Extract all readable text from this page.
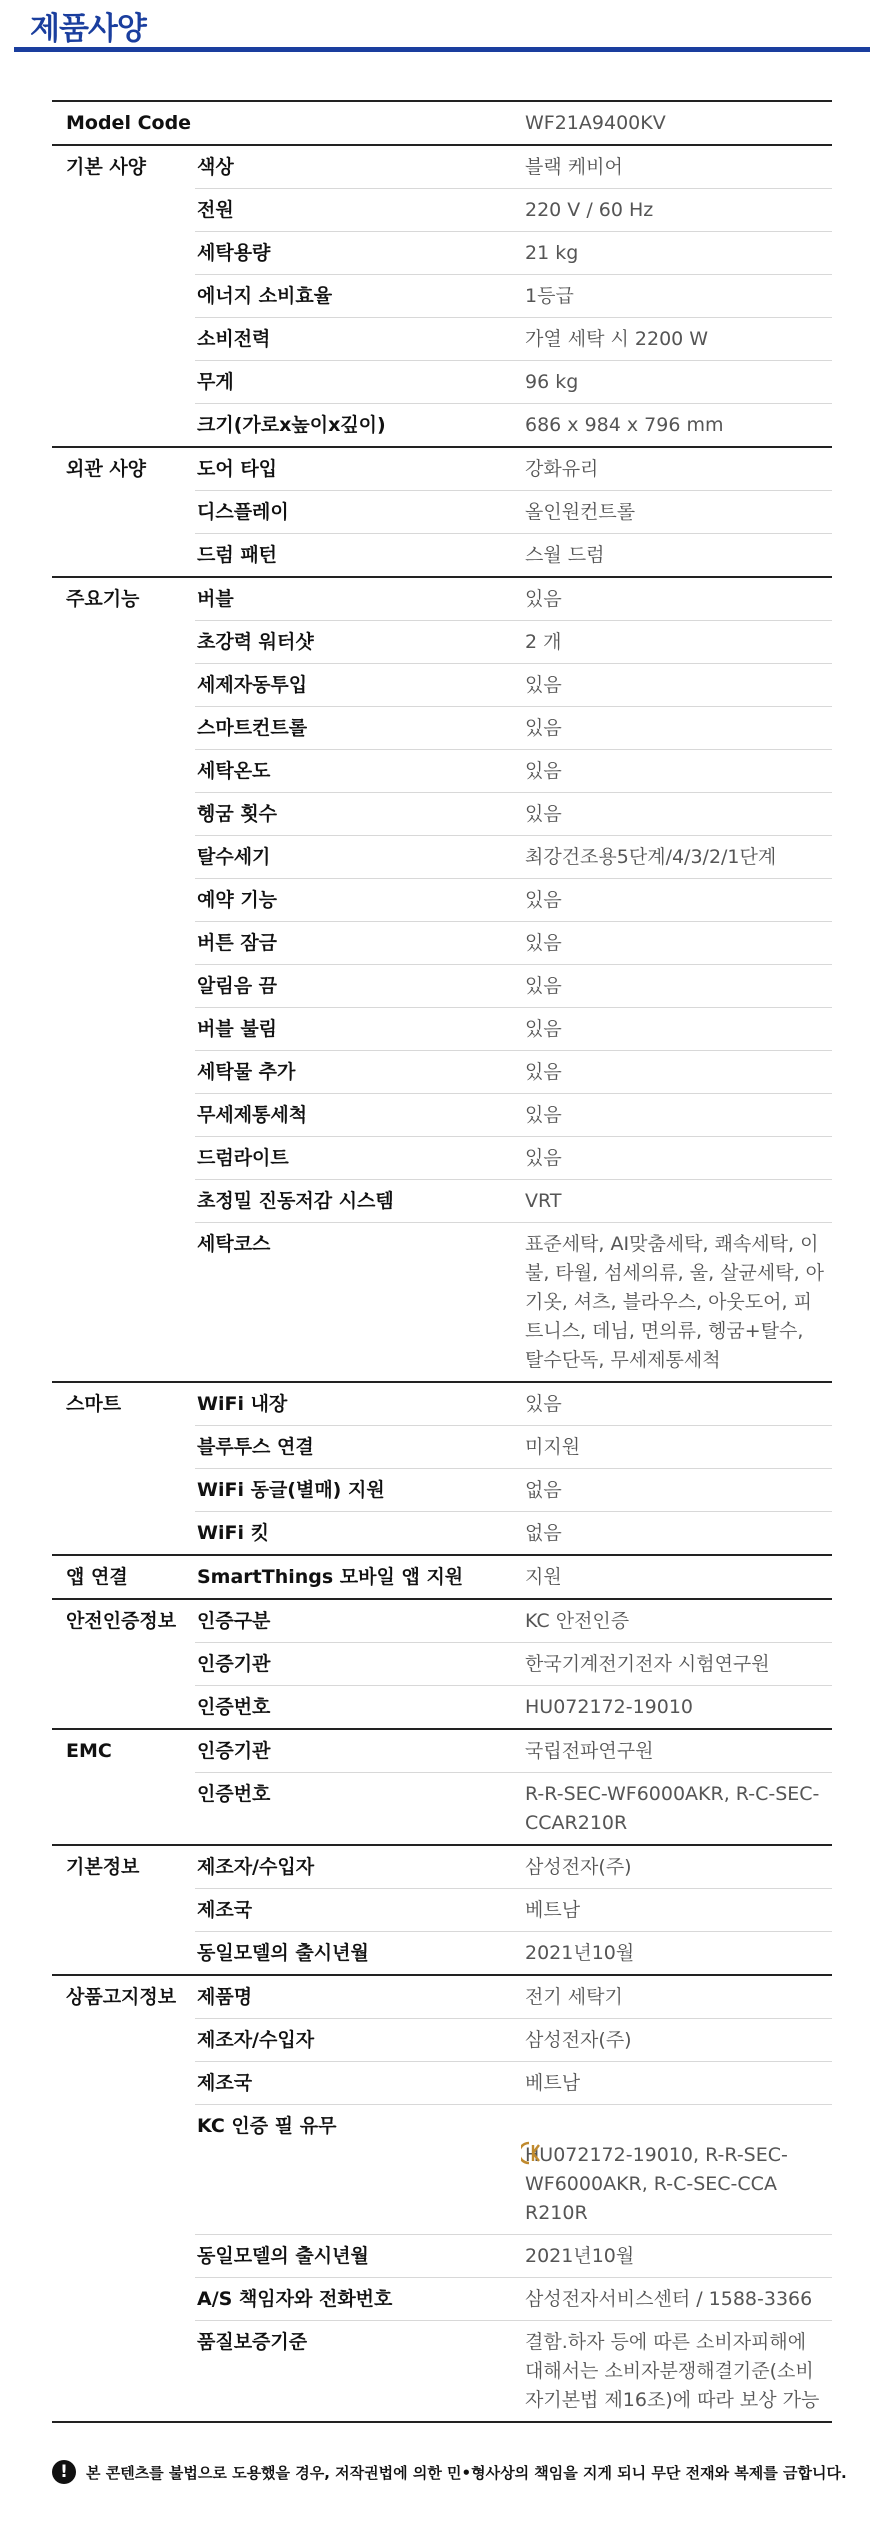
제품사양
Model Code		WF21A9400KV
기본 사양	색상	블랙 케비어
	전원	220 V / 60 Hz
	세탁용량	21 kg
	에너지 소비효율	1등급
	소비전력	가열 세탁 시 2200 W
	무게	96 kg
	크기(가로x높이x깊이)	686 x 984 x 796 mm
외관 사양	도어 타입	강화유리
	디스플레이	올인원컨트롤
	드럼 패턴	스월 드럼
주요기능	버블	있음
	초강력 워터샷	2 개
	세제자동투입	있음
	스마트컨트롤	있음
	세탁온도	있음
	헹굼 횟수	있음
	탈수세기	최강건조용5단계/4/3/2/1단계
	예약 기능	있음
	버튼 잠금	있음
	알림음 끔	있음
	버블 불림	있음
	세탁물 추가	있음
	무세제통세척	있음
	드럼라이트	있음
	초정밀 진동저감 시스템	VRT
	세탁코스	표준세탁, AI맞춤세탁, 쾌속세탁, 이불, 타월, 섬세의류, 울, 살균세탁, 아기옷, 셔츠, 블라우스, 아웃도어, 피트니스, 데님, 면의류, 헹굼+탈수, 탈수단독, 무세제통세척
스마트	WiFi 내장	있음
	블루투스 연결	미지원
	WiFi 동글(별매) 지원	없음
	WiFi 킷	없음
앱 연결	SmartThings 모바일 앱 지원	지원
안전인증정보	인증구분	KC 안전인증
	인증기관	한국기계전기전자 시험연구원
	인증번호	HU072172-19010
EMC	인증기관	국립전파연구원
	인증번호	R-R-SEC-WF6000AKR, R-C-SEC-CCAR210R
기본정보	제조자/수입자	삼성전자(주)
	제조국	베트남
	동일모델의 출시년월	2021년10월
상품고지정보	제품명	전기 세탁기
	제조자/수입자	삼성전자(주)
	제조국	베트남
	KC 인증 필 유무	HU072172-19010, R-R-SEC-WF6000AKR, R-C-SEC-CCA R210R
	동일모델의 출시년월	2021년10월
	A/S 책임자와 전화번호	삼성전자서비스센터 / 1588-3366
	품질보증기준	결함.하자 등에 따른 소비자피해에 대해서는 소비자분쟁해결기준(소비자기본법 제16조)에 따라 보상 가능
!	본 콘텐츠를 불법으로 도용했을 경우, 저작권법에 의한 민•형사상의 책임을 지게 되니 무단 전재와 복제를 금합니다.
